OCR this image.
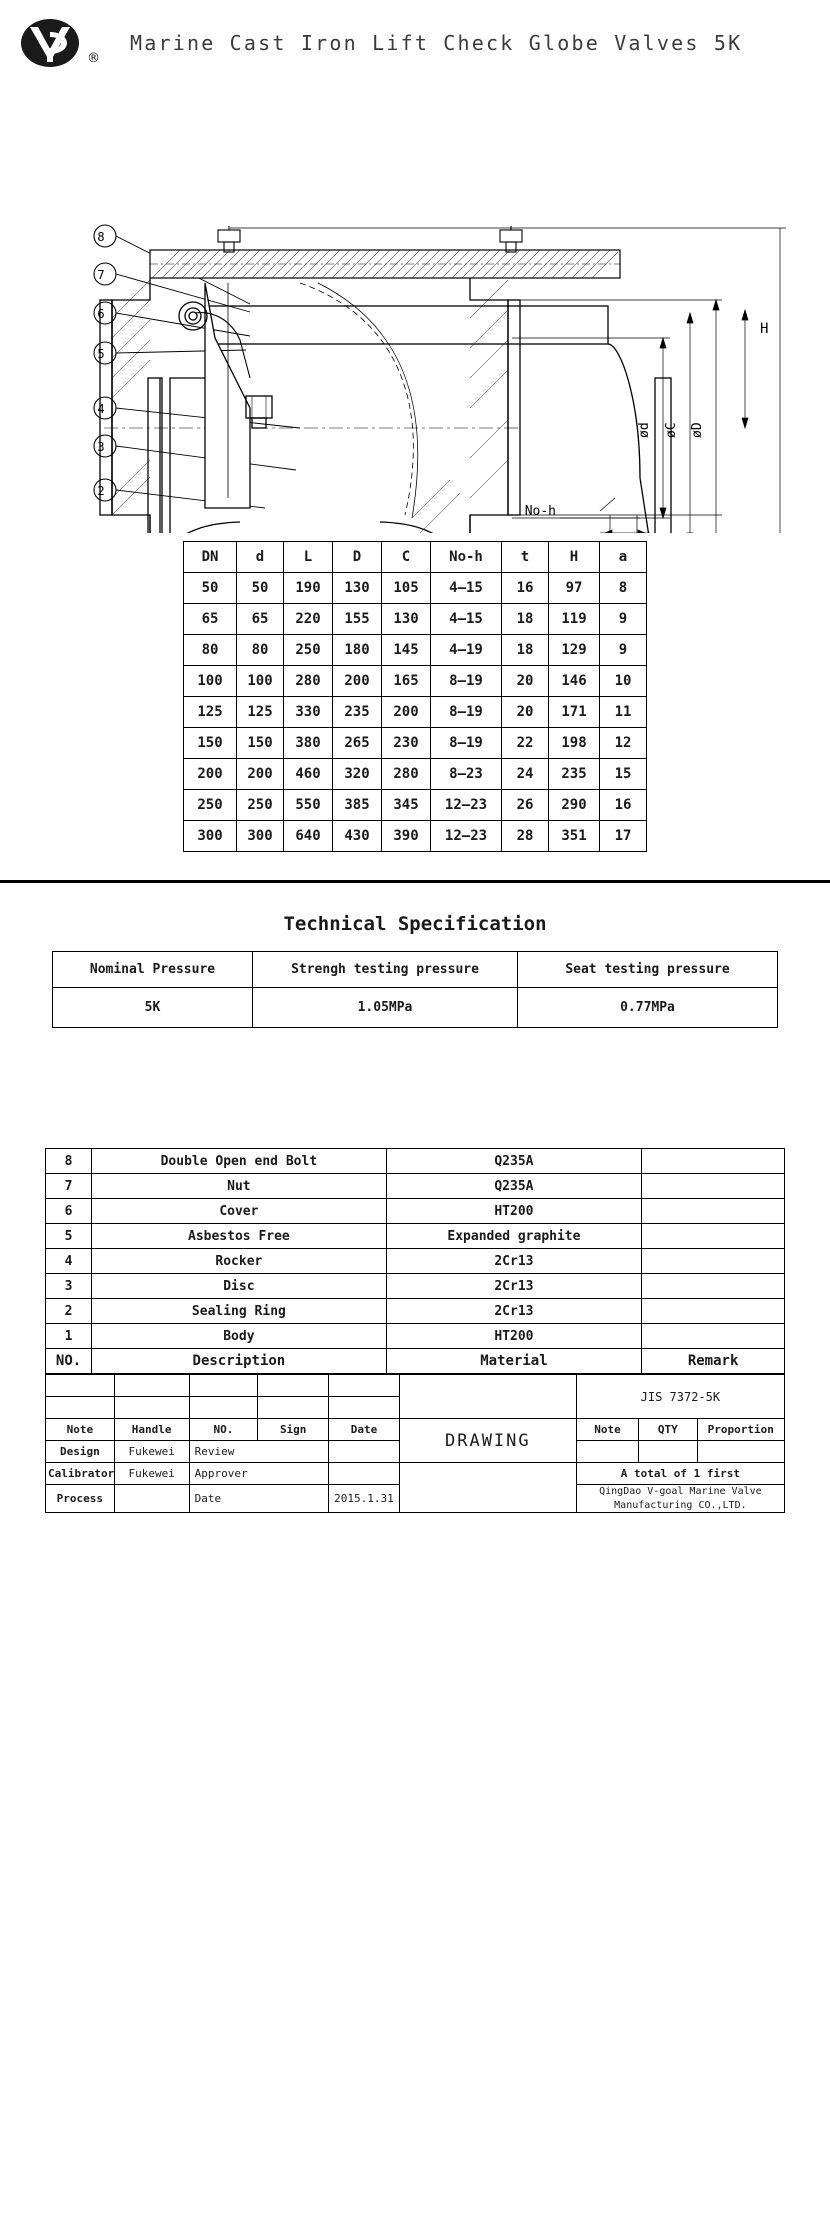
®
Marine Cast Iron Lift Check Globe Valves 5K
8
7
6
5
4
3
2
H
ød øC øD
No-h
DN	d	L	D	C	No-h	t	H	a
50	50	190	130	105	4–15	16	97	8
65	65	220	155	130	4–15	18	119	9
80	80	250	180	145	4–19	18	129	9
100	100	280	200	165	8–19	20	146	10
125	125	330	235	200	8–19	20	171	11
150	150	380	265	230	8–19	22	198	12
200	200	460	320	280	8–23	24	235	15
250	250	550	385	345	12–23	26	290	16
300	300	640	430	390	12–23	28	351	17
Technical Specification
Nominal Pressure	Strengh testing pressure	Seat testing pressure
5K	1.05MPa	0.77MPa
8	Double Open end Bolt	Q235A	
7	Nut	Q235A	
6	Cover	HT200	
5	Asbestos Free	Expanded graphite	
4	Rocker	2Cr13	
3	Disc	2Cr13	
2	Sealing Ring	2Cr13	
1	Body	HT200	
NO.	Description	Material	Remark
						JIS 7372-5K		

Note	Handle	NO.	Sign	Date	DRAWING	Note	QTY	Proportion
Design	Fukewei	Review						
Calibrator	Fukewei	Approver				A total of 1 first		
Process		Date		2015.1.31		QingDao V-goal Marine Valve
Manufacturing CO.,LTD.		
